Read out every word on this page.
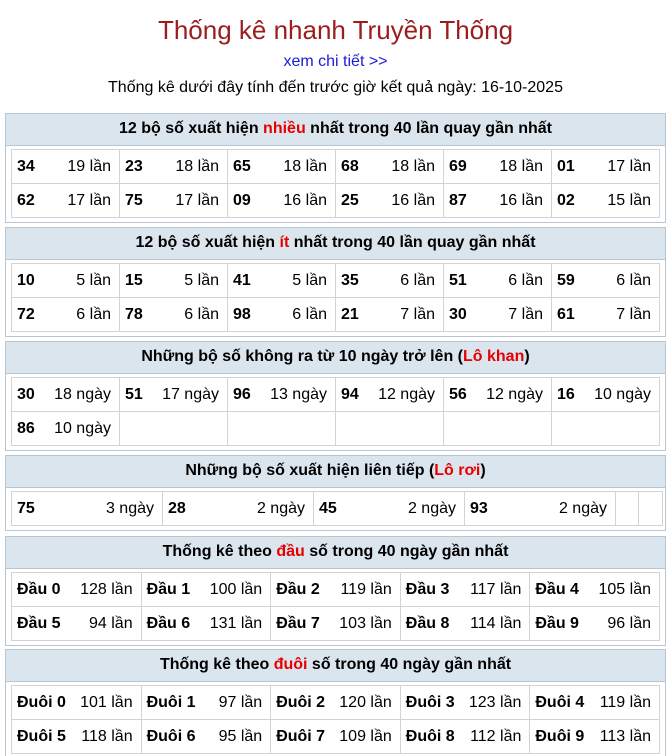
Thống kê nhanh Truyền Thống
xem chi tiết >>
Thống kê dưới đây tính đến trước giờ kết quả ngày: 16-10-2025
12 bộ số xuất hiện nhiều nhất trong 40 lần quay gần nhất
34 19 lần	23 18 lần	65 18 lần	68 18 lần	69 18 lần	01 17 lần

62 17 lần	75 17 lần	09 16 lần	25 16 lần	87 16 lần	02 15 lần
12 bộ số xuất hiện ít nhất trong 40 lần quay gần nhất
10 5 lần	15 5 lần	41 5 lần	35 6 lần	51 6 lần	59 6 lần

72 6 lần	78 6 lần	98 6 lần	21 7 lần	30 7 lần	61 7 lần
Những bộ số không ra từ 10 ngày trở lên (Lô khan)
30 18 ngày	51 17 ngày	96 13 ngày	94 12 ngày	56 12 ngày	16 10 ngày

86 10 ngày					

Những bộ số xuất hiện liên tiếp (Lô rơi)
75	3 ngày	28	2 ngày	45	2 ngày	93	2 ngày

Thống kê theo đầu số trong 40 ngày gần nhất
Đầu 0 128 lần	Đầu 1 100 lần	Đầu 2 119 lần	Đầu 3 117 lần	Đầu 4 105 lần

Đầu 5 94 lần	Đầu 6 131 lần	Đầu 7 103 lần	Đầu 8 114 lần	Đầu 9 96 lần
Thống kê theo đuôi số trong 40 ngày gần nhất
Đuôi 0 101 lần	Đuôi 1 97 lần	Đuôi 2 120 lần	Đuôi 3 123 lần	Đuôi 4 119 lần

Đuôi 5 118 lần	Đuôi 6 95 lần	Đuôi 7 109 lần	Đuôi 8 112 lần	Đuôi 9 113 lần
